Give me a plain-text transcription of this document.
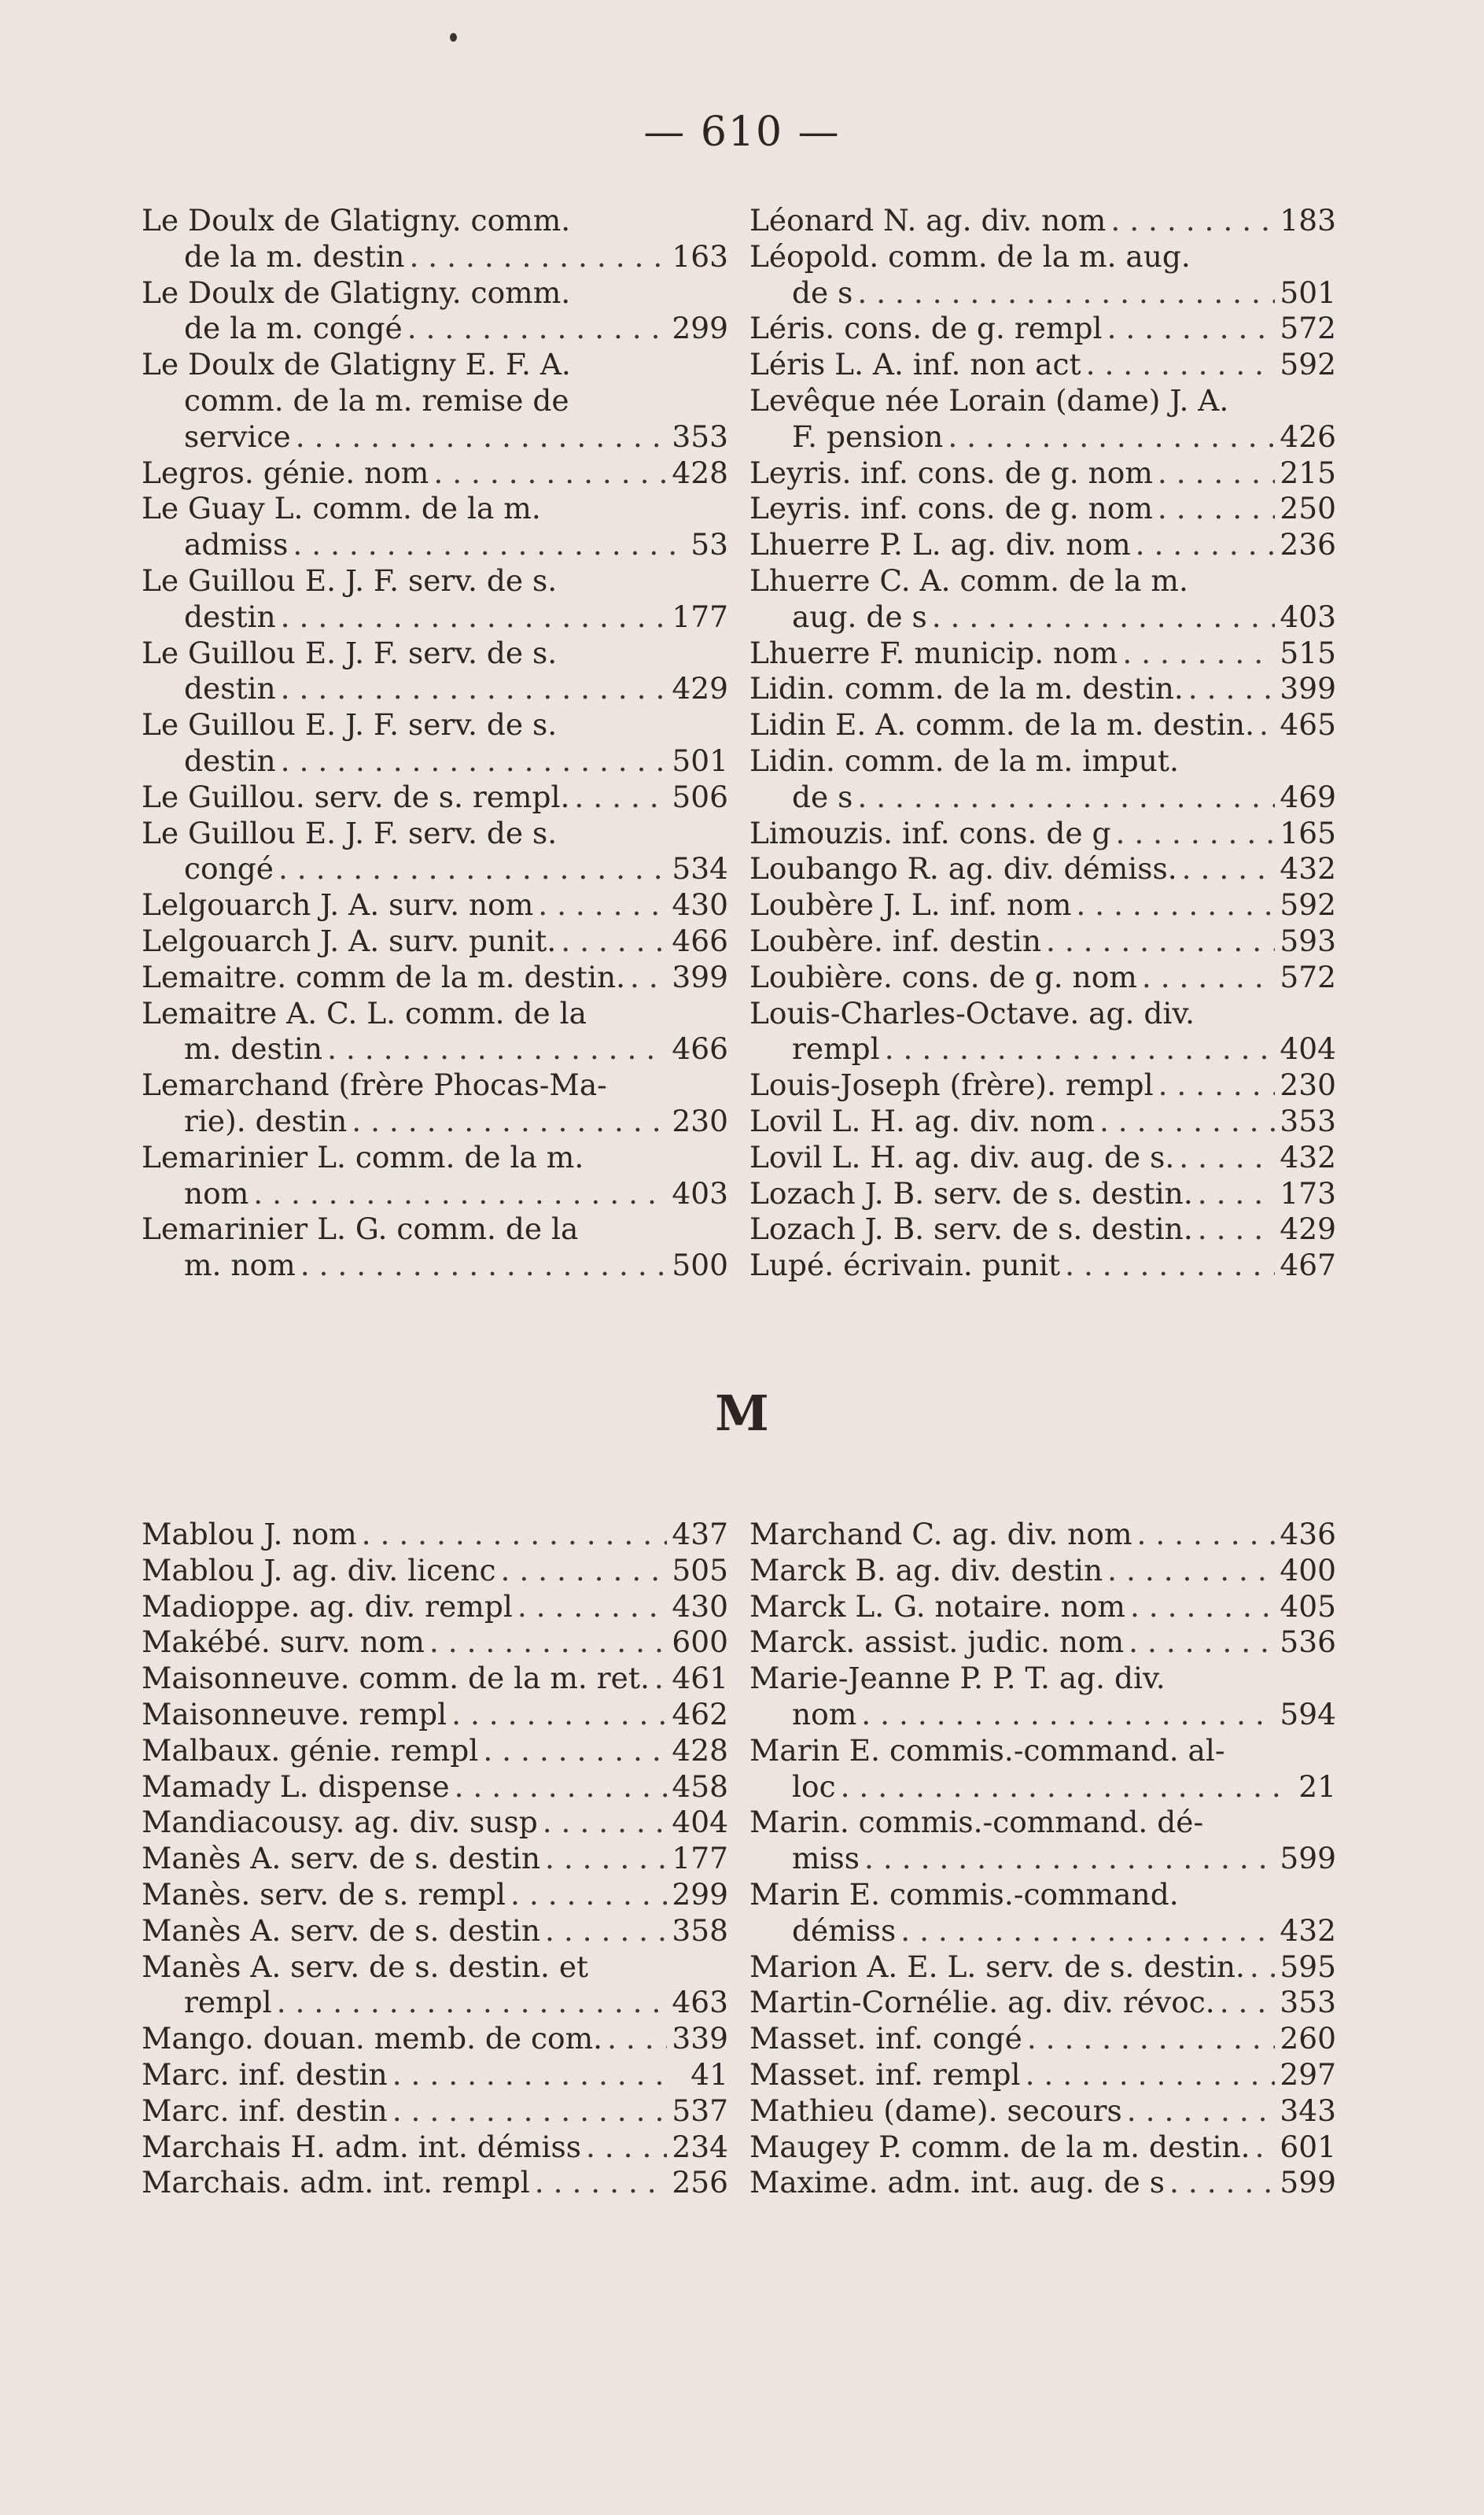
— 610 —
Le Doulx de Glatigny. comm.
de la m. destin . . .	163
Le Doulx de Glatigny. comm.
de la m. congé . . .	299
Le Doulx de Glatigny E. F. A.
comm. de la m. remise de
service . . .	353
Legros. génie. nom . . .	428
Le Guay L. comm. de la m.
admiss . . .	53
Le Guillou E. J. F. serv. de s.
destin . . .	177
Le Guillou E. J. F. serv. de s.
destin . . .	429
Le Guillou E. J. F. serv. de s.
destin . . .	501
Le Guillou. serv. de s. rempl. . . .	506
Le Guillou E. J. F. serv. de s.
congé . . .	534
Lelgouarch J. A. surv. nom . . .	430
Lelgouarch J. A. surv. punit. . . .	466
Lemaitre. comm de la m. destin. . . . 399
Lemaitre A. C. L. comm. de la
m. destin . . .	466
Lemarchand (frère Phocas-Ma-
rie). destin . . .	230
Lemarinier L. comm. de la m.
nom . . .	403
Lemarinier L. G. comm. de la
m. nom . . .	500
Léonard N. ag. div. nom . . .	183
Léopold. comm. de la m. aug.
de s . . .	501
Léris. cons. de g. rempl . . .	572
Léris L. A. inf. non act . . .	592
Levêque née Lorain (dame) J. A.
F. pension . . .	426
Leyris. inf. cons. de g. nom . . .	215
Leyris. inf. cons. de g. nom . . .	250
Lhuerre P. L. ag. div. nom . . .	236
Lhuerre C. A. comm. de la m.
aug. de s . . .	403
Lhuerre F. municip. nom . . .	515
Lidin. comm. de la m. destin. . . .	399
Lidin E. A. comm. de la m. destin. . . . 465
Lidin. comm. de la m. imput.
de s . . .	469
Limouzis. inf. cons. de g . . .	165
Loubango R. ag. div. démiss. . . .	432
Loubère J. L. inf. nom . . .	592
Loubère. inf. destin . . .	593
Loubière. cons. de g. nom . . .	572
Louis-Charles-Octave. ag. div.
rempl . . .	404
Louis-Joseph (frère). rempl . . .	230
Lovil L. H. ag. div. nom . . .	353
Lovil L. H. ag. div. aug. de s. . . .	432
Lozach J. B. serv. de s. destin. . . .	173
Lozach J. B. serv. de s. destin. . . .	429
Lupé. écrivain. punit . . .	467
M
Mablou J. nom . . .	437
Mablou J. ag. div. licenc . . .	505
Madioppe. ag. div. rempl . . .	430
Makébé. surv. nom . . .	600
Maisonneuve. comm. de la m. ret. . . . 461
Maisonneuve. rempl . . .	462
Malbaux. génie. rempl . . .	428
Mamady L. dispense . . .	458
Mandiacousy. ag. div. susp . . .	404
Manès A. serv. de s. destin . . .	177
Manès. serv. de s. rempl . . .	299
Manès A. serv. de s. destin . . .	358
Manès A. serv. de s. destin. et
rempl . . .	463
Mango. douan. memb. de com. . . . 339
Marc. inf. destin . . .	41
Marc. inf. destin . . .	537
Marchais H. adm. int. démiss . . .	234
Marchais. adm. int. rempl . . .	256
Marchand C. ag. div. nom . . .	436
Marck B. ag. div. destin . . .	400
Marck L. G. notaire. nom . . .	405
Marck. assist. judic. nom . . .	536
Marie-Jeanne P. P. T. ag. div.
nom . . .	594
Marin E. commis.-command. al-
loc . . .	21
Marin. commis.-command. dé-
miss . . .	599
Marin E. commis.-command.
démiss . . .	432
Marion A. E. L. serv. de s. destin. . . . 595
Martin-Cornélie. ag. div. révoc. . . . 353
Masset. inf. congé . . .	260
Masset. inf. rempl . . .	297
Mathieu (dame). secours . . .	343
Maugey P. comm. de la m. destin. . . . 601
Maxime. adm. int. aug. de s . . .	599
